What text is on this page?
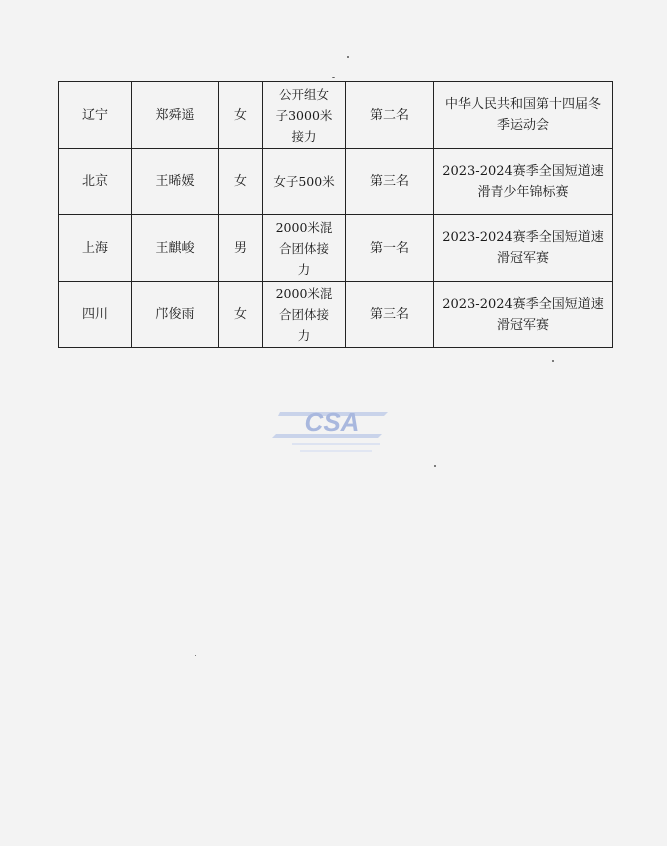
辽宁	郑舜遥	女	公开组女子3000米接力	第二名	中华人民共和国第十四届冬季运动会
北京	王晞媛	女	女子500米	第三名	2023-2024赛季全国短道速滑青少年锦标赛
上海	王麒峻	男	2000米混合团体接力	第一名	2023-2024赛季全国短道速滑冠军赛
四川	邝俊雨	女	2000米混合团体接力	第三名	2023-2024赛季全国短道速滑冠军赛
CSA
